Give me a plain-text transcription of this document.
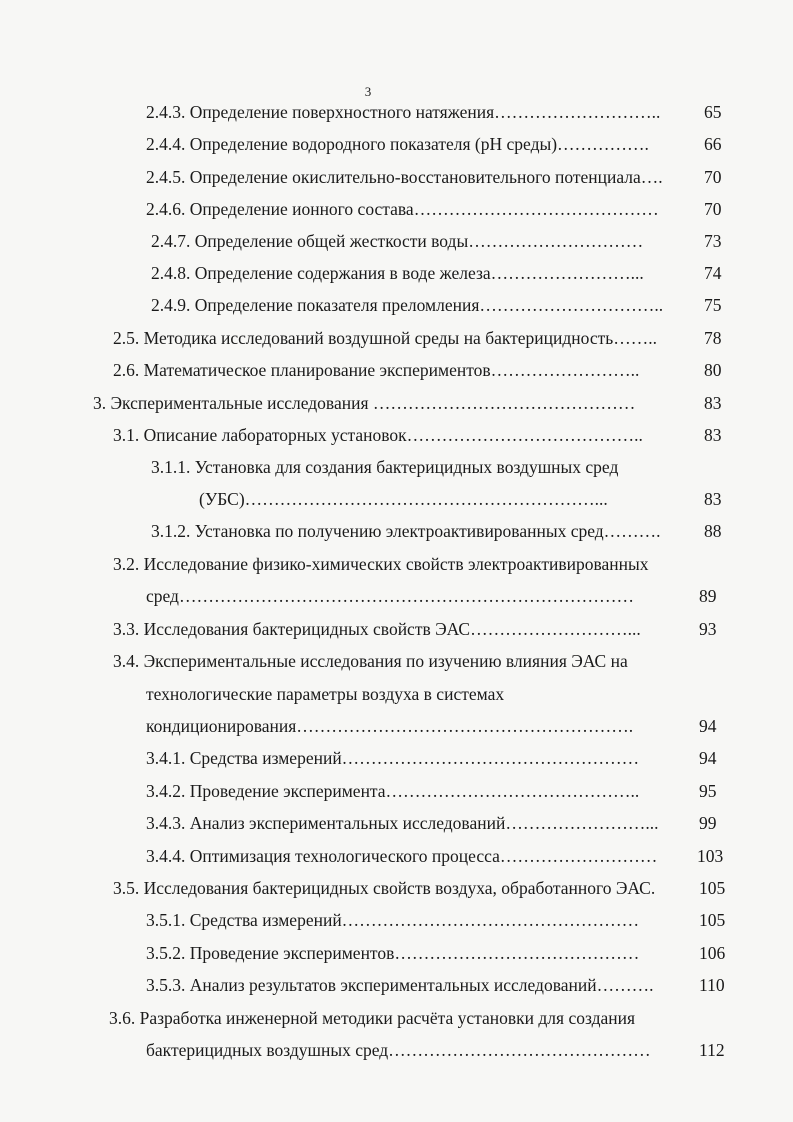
3
2.4.3. Определение поверхностного натяжения………………………..	65
2.4.4. Определение водородного показателя (рН среды)…………….	66
2.4.5. Определение окислительно-восстановительного потенциала….	70
2.4.6. Определение ионного состава……………………………………	70
2.4.7. Определение общей жесткости воды…………………………	73
2.4.8. Определение содержания в воде железа……………………...	74
2.4.9. Определение показателя преломления…………………………..	75
2.5. Методика исследований воздушной среды на бактерицидность……..	78
2.6. Математическое планирование экспериментов……………………..	80
3. Экспериментальные исследования ………………………………………	83
3.1. Описание лабораторных установок…………………………………..	83
3.1.1. Установка для создания бактерицидных воздушных сред
(УБС)……………………………………………………...	83
3.1.2. Установка по получению электроактивированных сред……….	88
3.2. Исследование физико-химических свойств электроактивированных
сред……………………………………………………………………	89
3.3. Исследования бактерицидных свойств ЭАС………………………...	93
3.4. Экспериментальные исследования по изучению влияния ЭАС на
технологические параметры воздуха в системах
кондиционирования………………………………………………….	94
3.4.1. Средства измерений……………………………………………	94
3.4.2. Проведение эксперимента……………………………………..	95
3.4.3. Анализ экспериментальных исследований……………………...	99
3.4.4. Оптимизация технологического процесса………………………	103
3.5. Исследования бактерицидных свойств воздуха, обработанного ЭАС.	105
3.5.1. Средства измерений……………………………………………	105
3.5.2. Проведение экспериментов……………………………………	106
3.5.3. Анализ результатов экспериментальных исследований……….	110
3.6. Разработка инженерной методики расчёта установки для создания
бактерицидных воздушных сред………………………………………	112
